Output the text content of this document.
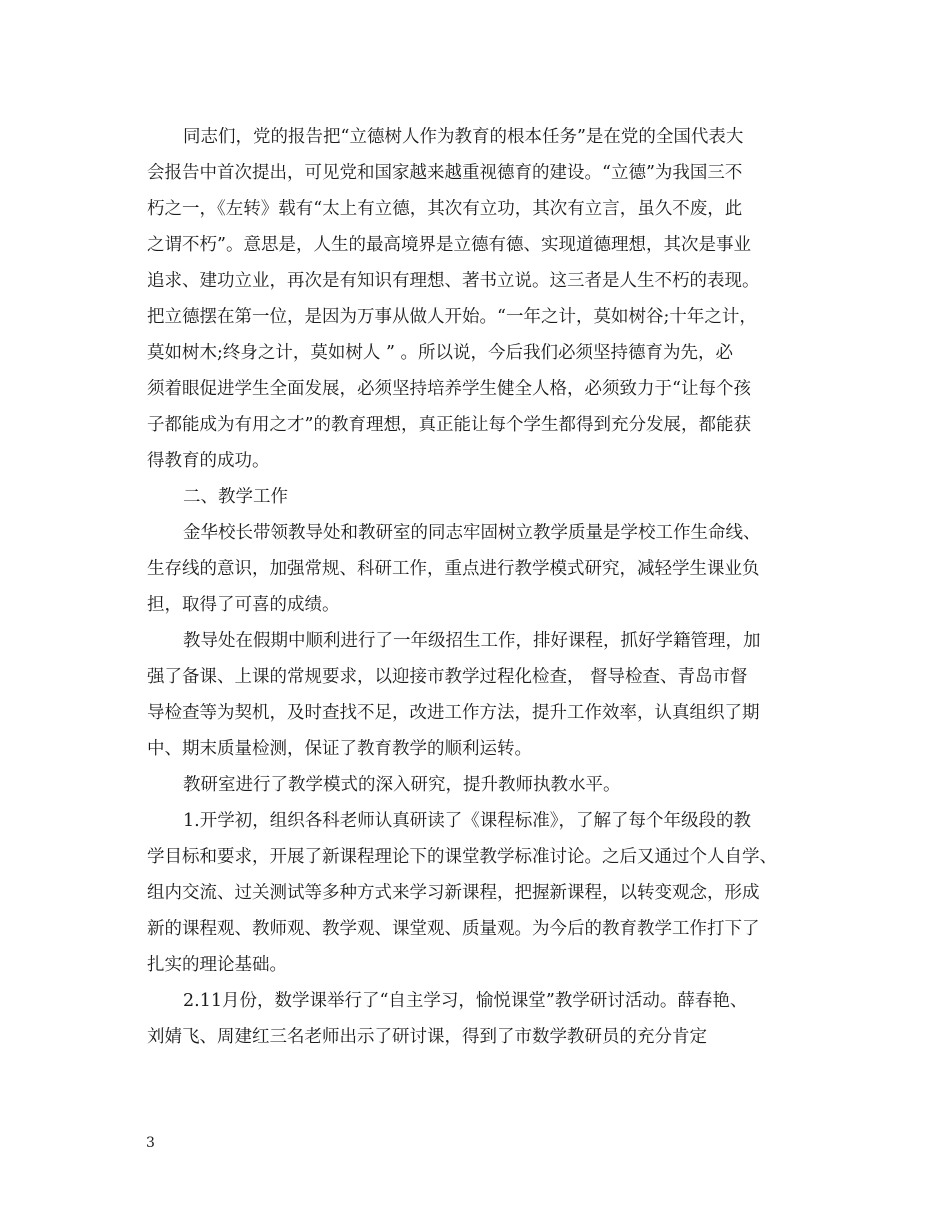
同志们，党的报告把“立德树人作为教育的根本任务”是在党的全国代表大
会报告中首次提出，可见党和国家越来越重视德育的建设。“立德”为我国三不
朽之一，《左转》载有“太上有立德，其次有立功，其次有立言，虽久不废，此
之谓不朽”。意思是，人生的最高境界是立德有德、实现道德理想，其次是事业
追求、建功立业，再次是有知识有理想、著书立说。这三者是人生不朽的表现。
把立德摆在第一位，是因为万事从做人开始。“一年之计，莫如树谷;十年之计，
莫如树木;终身之计，莫如树人 ” 。所以说，今后我们必须坚持德育为先，必
须着眼促进学生全面发展，必须坚持培养学生健全人格，必须致力于“让每个孩
子都能成为有用之才”的教育理想，真正能让每个学生都得到充分发展，都能获
得教育的成功。
二、教学工作
金华校长带领教导处和教研室的同志牢固树立教学质量是学校工作生命线、
生存线的意识，加强常规、科研工作，重点进行教学模式研究，减轻学生课业负
担，取得了可喜的成绩。
教导处在假期中顺利进行了一年级招生工作，排好课程，抓好学籍管理，加
强了备课、上课的常规要求，以迎接市教学过程化检查， 督导检查、青岛市督
导检查等为契机，及时查找不足，改进工作方法，提升工作效率，认真组织了期
中、期末质量检测，保证了教育教学的顺利运转。
教研室进行了教学模式的深入研究，提升教师执教水平。
1.开学初，组织各科老师认真研读了《课程标准》，了解了每个年级段的教
学目标和要求，开展了新课程理论下的课堂教学标准讨论。之后又通过个人自学、
组内交流、过关测试等多种方式来学习新课程，把握新课程，以转变观念，形成
新的课程观、教师观、教学观、课堂观、质量观。为今后的教育教学工作打下了
扎实的理论基础。
2.11月份，数学课举行了“自主学习，愉悦课堂”教学研讨活动。薛春艳、
刘婧飞、周建红三名老师出示了研讨课，得到了市数学教研员的充分肯定
3
